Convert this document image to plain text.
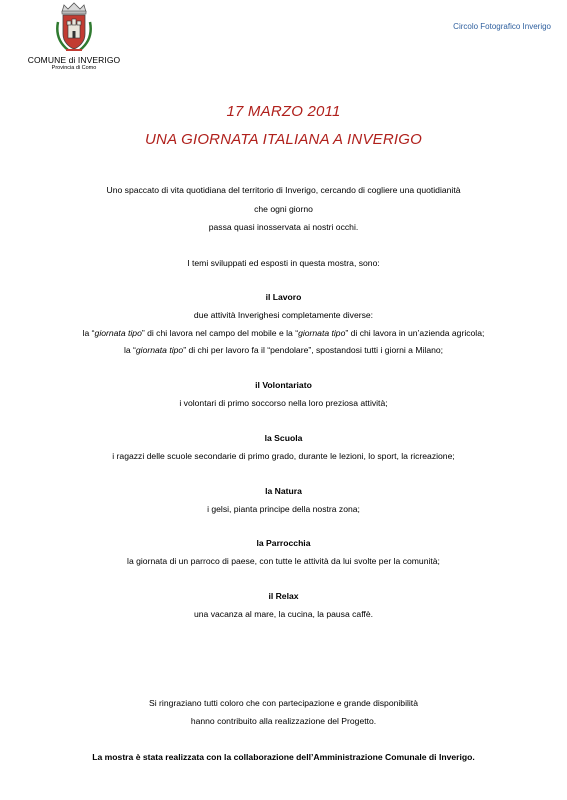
COMUNE di INVERIGO
Provincia di Como
Circolo Fotografico Inverigo
17 MARZO 2011
UNA GIORNATA ITALIANA A INVERIGO
Uno spaccato di vita quotidiana del territorio di Inverigo, cercando di cogliere una quotidianità
che ogni giorno
passa quasi inosservata ai nostri occhi.
I temi sviluppati ed esposti in questa mostra, sono:
il Lavoro
due attività Inverighesi completamente diverse:
la “giornata tipo” di chi lavora nel campo del mobile e la “giornata tipo” di chi lavora in un’azienda agricola;
la “giornata tipo” di chi per lavoro fa il “pendolare”, spostandosi tutti i giorni a Milano;
il Volontariato
i volontari di primo soccorso nella loro preziosa attività;
la Scuola
i ragazzi delle scuole secondarie di primo grado, durante le lezioni, lo sport, la ricreazione;
la Natura
i gelsi, pianta principe della nostra zona;
la Parrocchia
la giornata di un parroco di paese, con tutte le attività da lui svolte per la comunità;
il Relax
una vacanza al mare, la cucina, la pausa caffè.
Si ringraziano tutti coloro che con partecipazione e grande disponibilità
hanno contribuito alla realizzazione del Progetto.
La mostra è stata realizzata con la collaborazione dell’Amministrazione Comunale di Inverigo.
